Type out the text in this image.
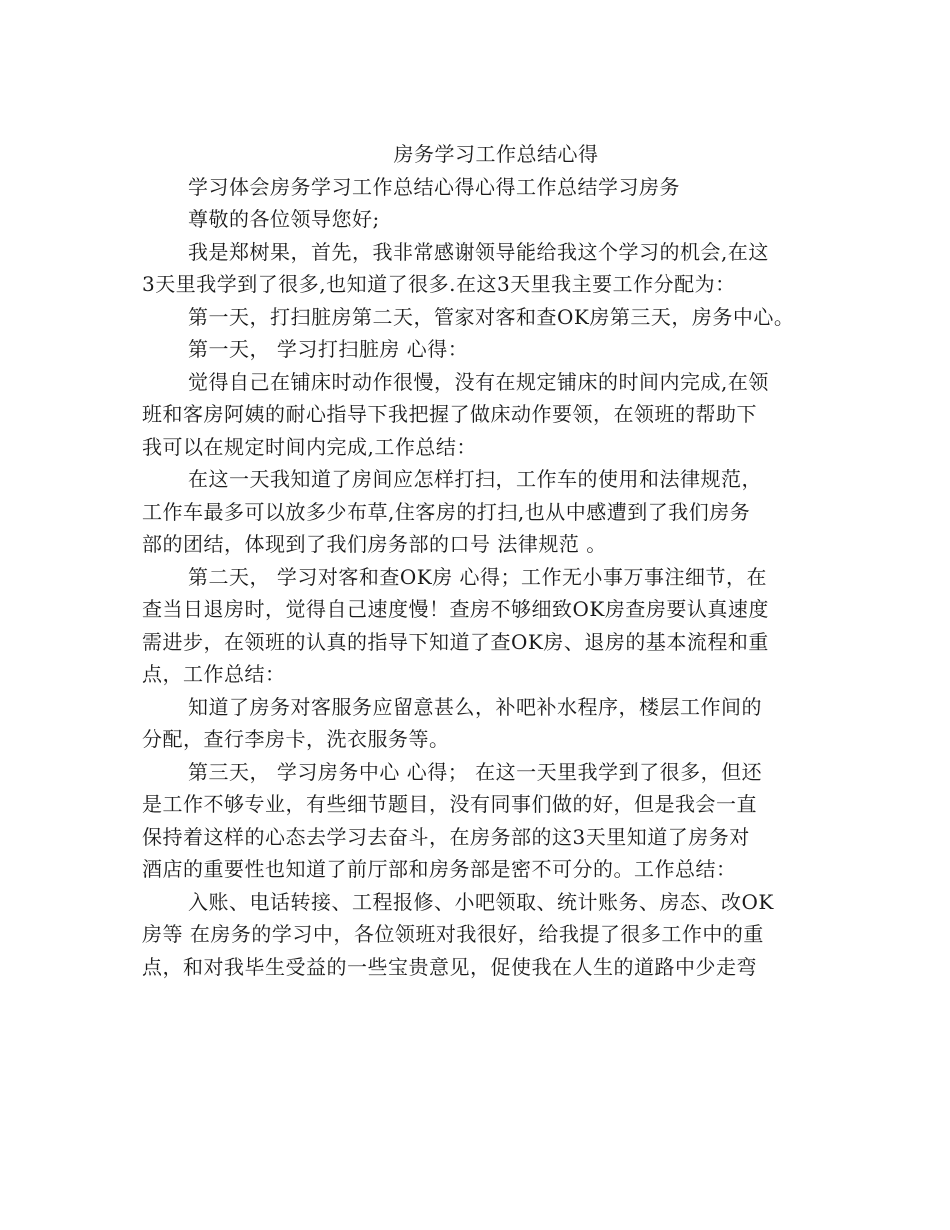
房务学习工作总结心得
学习体会房务学习工作总结心得心得工作总结学习房务
尊敬的各位领导您好;
我是郑树果，首先，我非常感谢领导能给我这个学习的机会,在这
3天里我学到了很多,也知道了很多.在这3天里我主要工作分配为：
第一天，打扫脏房第二天，管家对客和查OK房第三天，房务中心。
第一天， 学习打扫脏房 心得：
觉得自己在铺床时动作很慢，没有在规定铺床的时间内完成,在领
班和客房阿姨的耐心指导下我把握了做床动作要领，在领班的帮助下
我可以在规定时间内完成,工作总结：
在这一天我知道了房间应怎样打扫，工作车的使用和法律规范，
工作车最多可以放多少布草,住客房的打扫,也从中感遭到了我们房务
部的团结，体现到了我们房务部的口号 法律规范 。
第二天， 学习对客和查OK房 心得；工作无小事万事注细节，在
查当日退房时，觉得自己速度慢！查房不够细致OK房查房要认真速度
需进步，在领班的认真的指导下知道了查OK房、退房的基本流程和重
点，工作总结：
知道了房务对客服务应留意甚么，补吧补水程序，楼层工作间的
分配，查行李房卡，洗衣服务等。
第三天， 学习房务中心 心得； 在这一天里我学到了很多，但还
是工作不够专业，有些细节题目，没有同事们做的好，但是我会一直
保持着这样的心态去学习去奋斗，在房务部的这3天里知道了房务对
酒店的重要性也知道了前厅部和房务部是密不可分的。工作总结：
入账、电话转接、工程报修、小吧领取、统计账务、房态、改OK
房等 在房务的学习中，各位领班对我很好，给我提了很多工作中的重
点，和对我毕生受益的一些宝贵意见，促使我在人生的道路中少走弯
